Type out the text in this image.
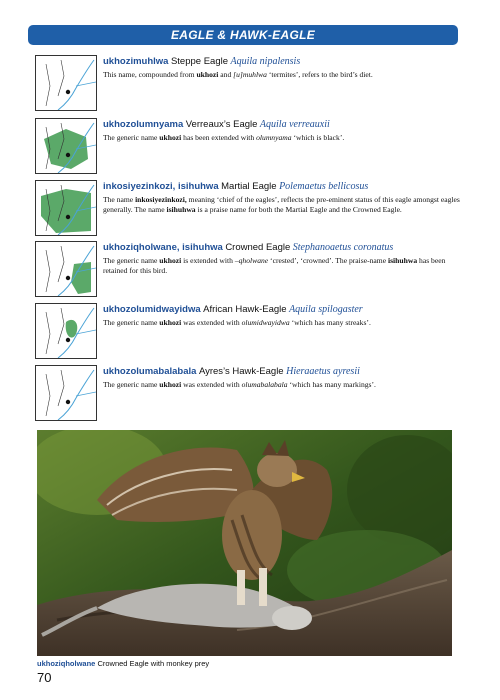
EAGLE & HAWK-EAGLE
ukhozimuhlwa Steppe Eagle Aquila nipalensis
This name, compounded from ukhozi and [u]muhlwa ‘termites’, refers to the bird’s diet.
ukhozolumnyama Verreaux’s Eagle Aquila verreauxii
The generic name ukhozi has been extended with olumnyama ‘which is black’.
inkosiyezinkozi, isihuhwa Martial Eagle Polemaetus bellicosus
The name inkosiyezinkozi, meaning ‘chief of the eagles’, reflects the pre-eminent status of this eagle amongst eagles generally. The name isihuhwa is a praise name for both the Martial Eagle and the Crowned Eagle.
ukhoziqholwane, isihuhwa Crowned Eagle Stephanoaetus coronatus
The generic name ukhozi is extended with –qholwane ‘crested’, ‘crowned’. The praise-name isihuhwa has been retained for this bird.
ukhozolumidwayidwa African Hawk-Eagle Aquila spilogaster
The generic name ukhozi was extended with olumidwayidwa ‘which has many streaks’.
ukhozolumabalabala Ayres’s Hawk-Eagle Hieraaetus ayresii
The generic name ukhozi was extended with olumabalabala ‘which has many markings’.
ukhoziqholwane Crowned Eagle with monkey prey
70
